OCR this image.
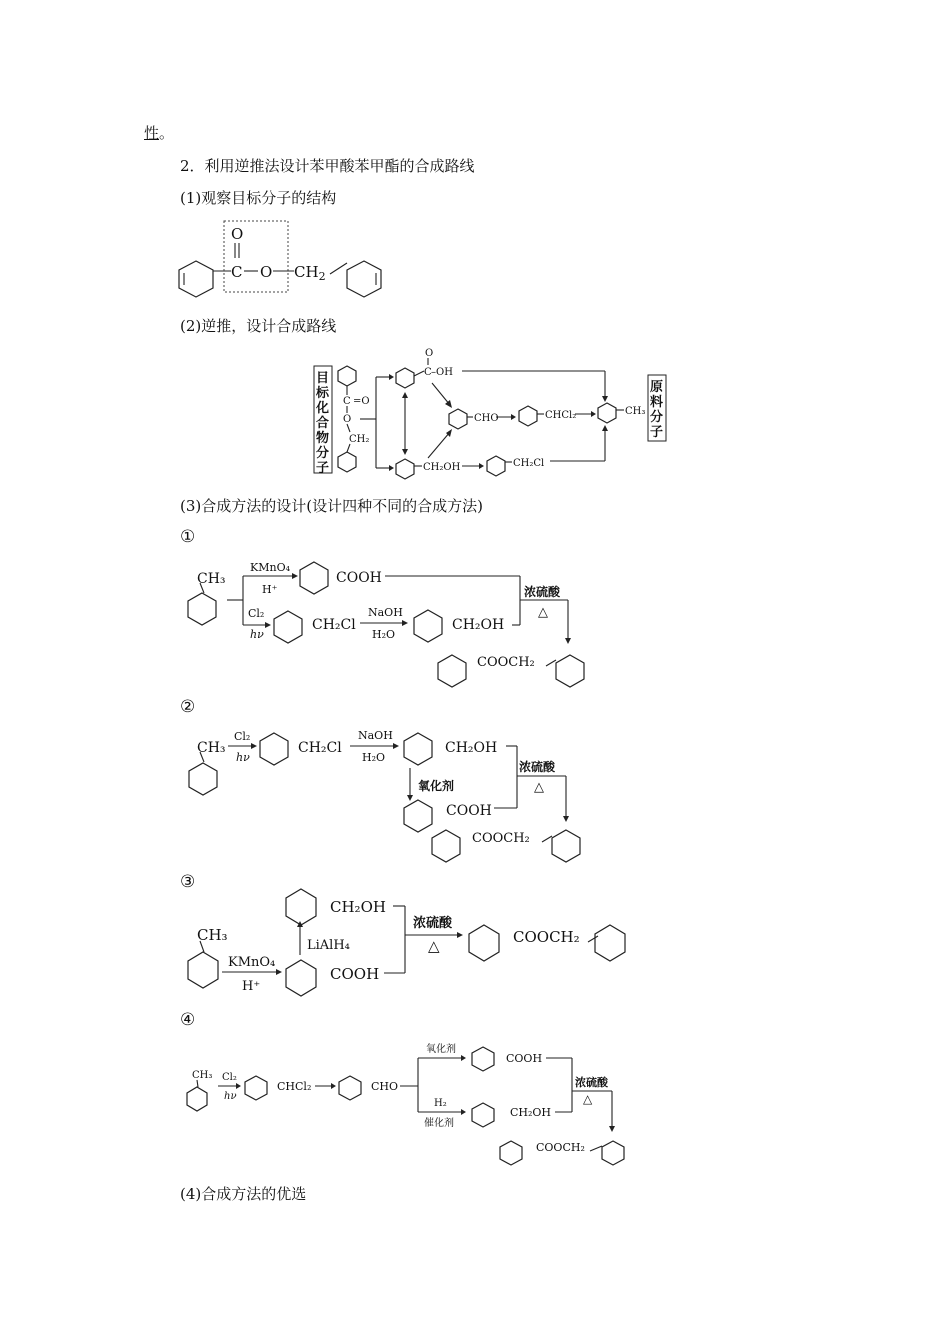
性。
2．利用逆推法设计苯甲酸苯甲酯的合成路线
(1)观察目标分子的结构
(2)逆推，设计合成路线
(3)合成方法的设计(设计四种不同的合成方法)
(4)合成方法的优选
O
C O $CH_2$
目
标
化
合
物
分
子
C =O
O
CH₂
O
C –OH
CHO	CHCl₂	CH₃
原
料
分
子
CH₂OH	CH₂Cl
①
CH₃
KMnO₄
H⁺
Cl₂
hν
COOH
CH₂Cl
NaOH
H₂O
CH₂OH
浓硫酸
△
COOCH₂
②
CH₃
Cl₂
hν
CH₂Cl
NaOH
H₂O
CH₂OH
氧化剂
COOH
浓硫酸
△
COOCH₂
③
CH₃
KMnO₄
H⁺
COOH
LiAlH₄
CH₂OH
浓硫酸
△	COOCH₂
④
CH₃ Cl₂
hν
CHCl₂	CHO
氧化剂
H₂
催化剂
COOH
CH₂OH
浓硫酸
△
COOCH₂
